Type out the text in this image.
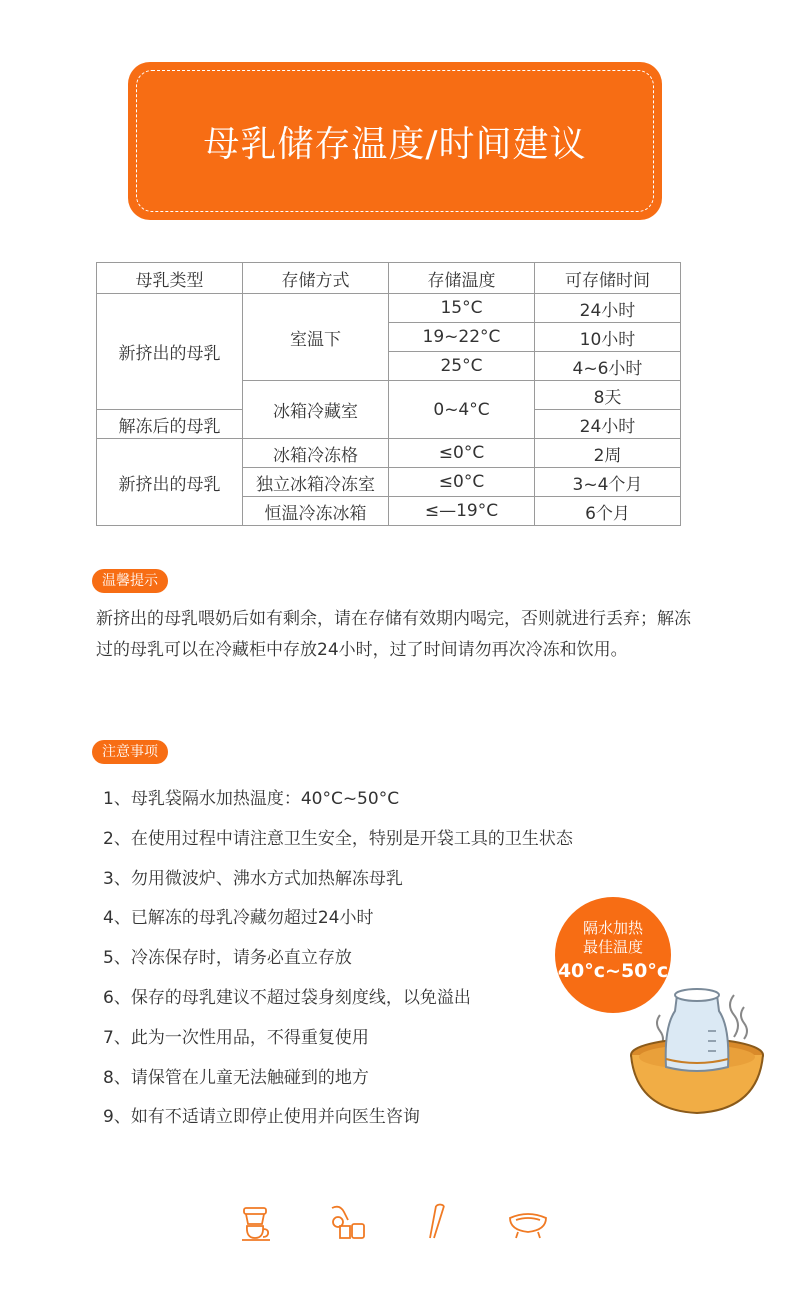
母乳储存温度/时间建议
母乳类型	存储方式	存储温度	可存储时间
新挤出的母乳	室温下	15°C	24小时
		19~22°C	10小时
		25°C	4~6小时
	冰箱冷藏室	0~4°C	8天
解冻后的母乳			24小时
新挤出的母乳	冰箱冷冻格	≤0°C	2周
	独立冰箱冷冻室	≤0°C	3~4个月
	恒温冷冻冰箱	≤—19°C	6个月
温馨提示

新挤出的母乳喂奶后如有剩余，请在存储有效期内喝完，否则就进行丢弃；解冻过的母乳可以在冷藏柜中存放24小时，过了时间请勿再次冷冻和饮用。

注意事项
1、母乳袋隔水加热温度：40°C~50°C
2、在使用过程中请注意卫生安全，特别是开袋工具的卫生状态
3、勿用微波炉、沸水方式加热解冻母乳
4、已解冻的母乳冷藏勿超过24小时
5、冷冻保存时，请务必直立存放
6、保存的母乳建议不超过袋身刻度线，以免溢出
7、此为一次性用品，不得重复使用
8、请保管在儿童无法触碰到的地方
9、如有不适请立即停止使用并向医生咨询
隔水加热
最佳温度
40°c~50°c
